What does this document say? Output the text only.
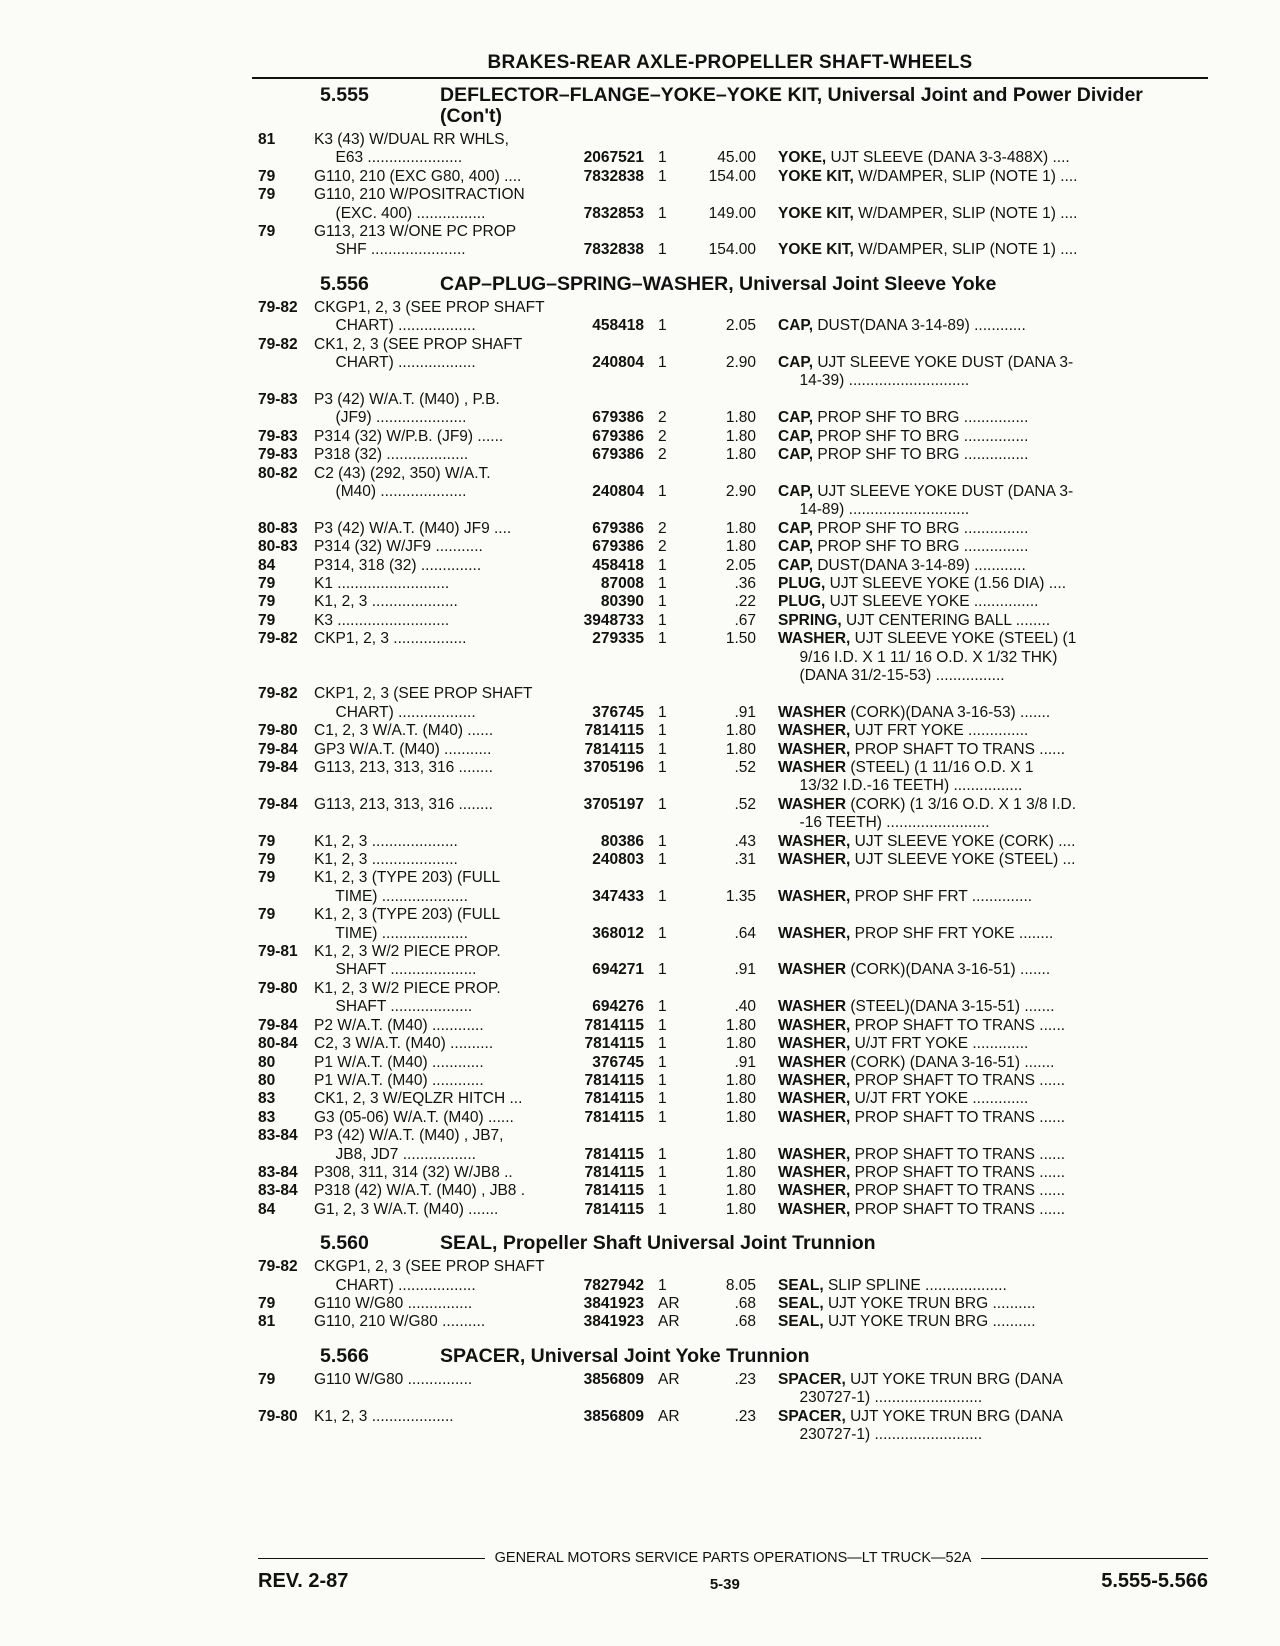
BRAKES-REAR AXLE-PROPELLER SHAFT-WHEELS
5.555	DEFLECTOR–FLANGE–YOKE–YOKE KIT, Universal Joint and Power Divider (Con't)
81	K3 (43) W/DUAL RR WHLS,
E63 ......................	2067521 1	45.00	YOKE, UJT SLEEVE (DANA 3-3-488X) ....
79	G110, 210 (EXC G80, 400) ....	7832838 1	154.00	YOKE KIT, W/DAMPER, SLIP (NOTE 1) ....
79	G110, 210 W/POSITRACTION
(EXC. 400) ................	7832853 1	149.00	YOKE KIT, W/DAMPER, SLIP (NOTE 1) ....
79	G113, 213 W/ONE PC PROP
SHF ......................	7832838 1	154.00	YOKE KIT, W/DAMPER, SLIP (NOTE 1) ....
5.556	CAP–PLUG–SPRING–WASHER, Universal Joint Sleeve Yoke
79-82	CKGP1, 2, 3 (SEE PROP SHAFT
CHART) ..................	458418 1	2.05	CAP, DUST(DANA 3-14-89) ............
79-82	CK1, 2, 3 (SEE PROP SHAFT
CHART) ..................	240804 1	2.90	CAP, UJT SLEEVE YOKE DUST (DANA 3-
14-39) ............................
79-83	P3 (42) W/A.T. (M40) , P.B.
(JF9) .....................	679386 2	1.80	CAP, PROP SHF TO BRG ...............
79-83	P314 (32) W/P.B. (JF9) ......	679386 2	1.80	CAP, PROP SHF TO BRG ...............
79-83	P318 (32) ...................	679386 2	1.80	CAP, PROP SHF TO BRG ...............
80-82	C2 (43) (292, 350) W/A.T.
(M40) ....................	240804 1	2.90	CAP, UJT SLEEVE YOKE DUST (DANA 3-
14-89) ............................
80-83	P3 (42) W/A.T. (M40) JF9 ....	679386 2	1.80	CAP, PROP SHF TO BRG ...............
80-83	P314 (32) W/JF9 ...........	679386 2	1.80	CAP, PROP SHF TO BRG ...............
84	P314, 318 (32) ..............	458418 1	2.05	CAP, DUST(DANA 3-14-89) ............
79	K1 ..........................	87008 1	.36	PLUG, UJT SLEEVE YOKE (1.56 DIA) ....
79	K1, 2, 3 ....................	80390 1	.22	PLUG, UJT SLEEVE YOKE ...............
79	K3 ..........................	3948733 1	.67	SPRING, UJT CENTERING BALL ........
79-82	CKP1, 2, 3 .................	279335 1	1.50	WASHER, UJT SLEEVE YOKE (STEEL) (1
9/16 I.D. X 1 11/ 16 O.D. X 1/32 THK)
(DANA 31/2-15-53) ................
79-82	CKP1, 2, 3 (SEE PROP SHAFT
CHART) ..................	376745 1	.91	WASHER (CORK)(DANA 3-16-53) .......
79-80	C1, 2, 3 W/A.T. (M40) ......	7814115 1	1.80	WASHER, UJT FRT YOKE ..............
79-84	GP3 W/A.T. (M40) ...........	7814115 1	1.80	WASHER, PROP SHAFT TO TRANS ......
79-84	G113, 213, 313, 316 ........	3705196 1	.52	WASHER (STEEL) (1 11/16 O.D. X 1
13/32 I.D.-16 TEETH) ................
79-84	G113, 213, 313, 316 ........	3705197 1	.52	WASHER (CORK) (1 3/16 O.D. X 1 3/8 I.D.
-16 TEETH) ........................
79	K1, 2, 3 ....................	80386 1	.43	WASHER, UJT SLEEVE YOKE (CORK) ....
79	K1, 2, 3 ....................	240803 1	.31	WASHER, UJT SLEEVE YOKE (STEEL) ...
79	K1, 2, 3 (TYPE 203) (FULL
TIME) ....................	347433 1	1.35	WASHER, PROP SHF FRT ..............
79	K1, 2, 3 (TYPE 203) (FULL
TIME) ....................	368012 1	.64	WASHER, PROP SHF FRT YOKE ........
79-81	K1, 2, 3 W/2 PIECE PROP.
SHAFT ....................	694271 1	.91	WASHER (CORK)(DANA 3-16-51) .......
79-80	K1, 2, 3 W/2 PIECE PROP.
SHAFT ...................	694276 1	.40	WASHER (STEEL)(DANA 3-15-51) .......
79-84	P2 W/A.T. (M40) ............	7814115 1	1.80	WASHER, PROP SHAFT TO TRANS ......
80-84	C2, 3 W/A.T. (M40) ..........	7814115 1	1.80	WASHER, U/JT FRT YOKE .............
80	P1 W/A.T. (M40) ............	376745 1	.91	WASHER (CORK) (DANA 3-16-51) .......
80	P1 W/A.T. (M40) ............	7814115 1	1.80	WASHER, PROP SHAFT TO TRANS ......
83	CK1, 2, 3 W/EQLZR HITCH ...	7814115 1	1.80	WASHER, U/JT FRT YOKE .............
83	G3 (05-06) W/A.T. (M40) ......	7814115 1	1.80	WASHER, PROP SHAFT TO TRANS ......
83-84	P3 (42) W/A.T. (M40) , JB7,
JB8, JD7 .................	7814115 1	1.80	WASHER, PROP SHAFT TO TRANS ......
83-84	P308, 311, 314 (32) W/JB8 ..	7814115 1	1.80	WASHER, PROP SHAFT TO TRANS ......
83-84	P318 (42) W/A.T. (M40) , JB8 .	7814115 1	1.80	WASHER, PROP SHAFT TO TRANS ......
84	G1, 2, 3 W/A.T. (M40) .......	7814115 1	1.80	WASHER, PROP SHAFT TO TRANS ......
5.560	SEAL, Propeller Shaft Universal Joint Trunnion
79-82	CKGP1, 2, 3 (SEE PROP SHAFT
CHART) ..................	7827942 1	8.05	SEAL, SLIP SPLINE ...................
79	G110 W/G80 ...............	3841923 AR	.68	SEAL, UJT YOKE TRUN BRG ..........
81	G110, 210 W/G80 ..........	3841923 AR	.68	SEAL, UJT YOKE TRUN BRG ..........
5.566	SPACER, Universal Joint Yoke Trunnion
79	G110 W/G80 ...............	3856809 AR	.23	SPACER, UJT YOKE TRUN BRG (DANA
230727-1) .........................
79-80	K1, 2, 3 ...................	3856809 AR	.23	SPACER, UJT YOKE TRUN BRG (DANA
230727-1) .........................
GENERAL MOTORS SERVICE PARTS OPERATIONS—LT TRUCK—52A
REV. 2-87	5-39	5.555-5.566
